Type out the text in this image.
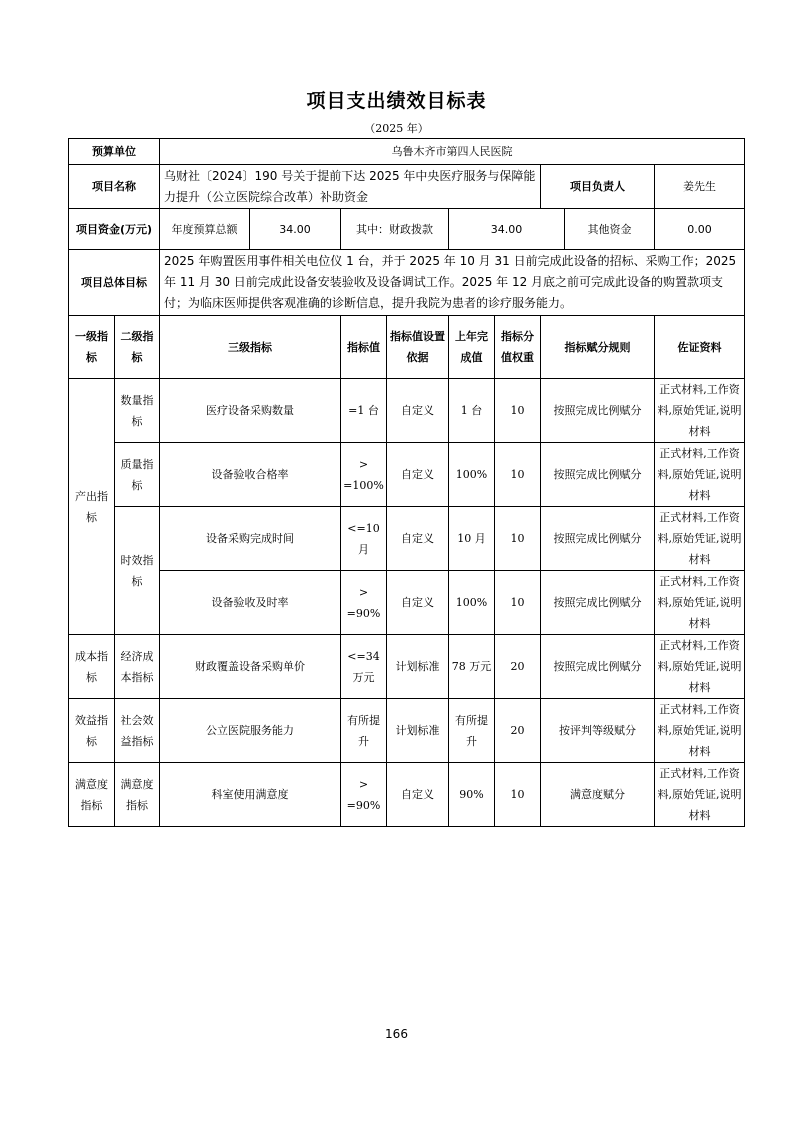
项目支出绩效目标表
（2025 年）
预算单位		乌鲁木齐市第四人民医院								
项目名称		乌财社〔2024〕190 号关于提前下达 2025 年中央医疗服务与保障能力提升（公立医院综合改革）补助资金						项目负责人		姜先生
项目资金(万元)		年度预算总额	34.00	其中：财政拨款		34.00			其他资金	0.00
项目总体目标		2025 年购置医用事件相关电位仪 1 台，并于 2025 年 10 月 31 日前完成此设备的招标、采购工作；2025 年 11 月 30 日前完成此设备安装验收及设备调试工作。2025 年 12 月底之前可完成此设备的购置款项支付；为临床医师提供客观准确的诊断信息，提升我院为患者的诊疗服务能力。								
一级指标	二级指标	三级指标		指标值	指标值设置依据	上年完成值	指标分值权重	指标赋分规则		佐证资料
产出指标	数量指标	医疗设备采购数量		=1 台	自定义	1 台	10	按照完成比例赋分		正式材料,工作资料,原始凭证,说明材料
	质量指标	设备验收合格率		> =100%	自定义	100%	10	按照完成比例赋分		正式材料,工作资料,原始凭证,说明材料
	时效指标	设备采购完成时间		<=10 月	自定义	10 月	10	按照完成比例赋分		正式材料,工作资料,原始凭证,说明材料
		设备验收及时率		> =90%	自定义	100%	10	按照完成比例赋分		正式材料,工作资料,原始凭证,说明材料
成本指标	经济成本指标	财政覆盖设备采购单价		<=34 万元	计划标准	78 万元	20	按照完成比例赋分		正式材料,工作资料,原始凭证,说明材料
效益指标	社会效益指标	公立医院服务能力		有所提升	计划标准	有所提升	20	按评判等级赋分		正式材料,工作资料,原始凭证,说明材料
满意度指标	满意度指标	科室使用满意度		> =90%	自定义	90%	10	满意度赋分		正式材料,工作资料,原始凭证,说明材料
166
